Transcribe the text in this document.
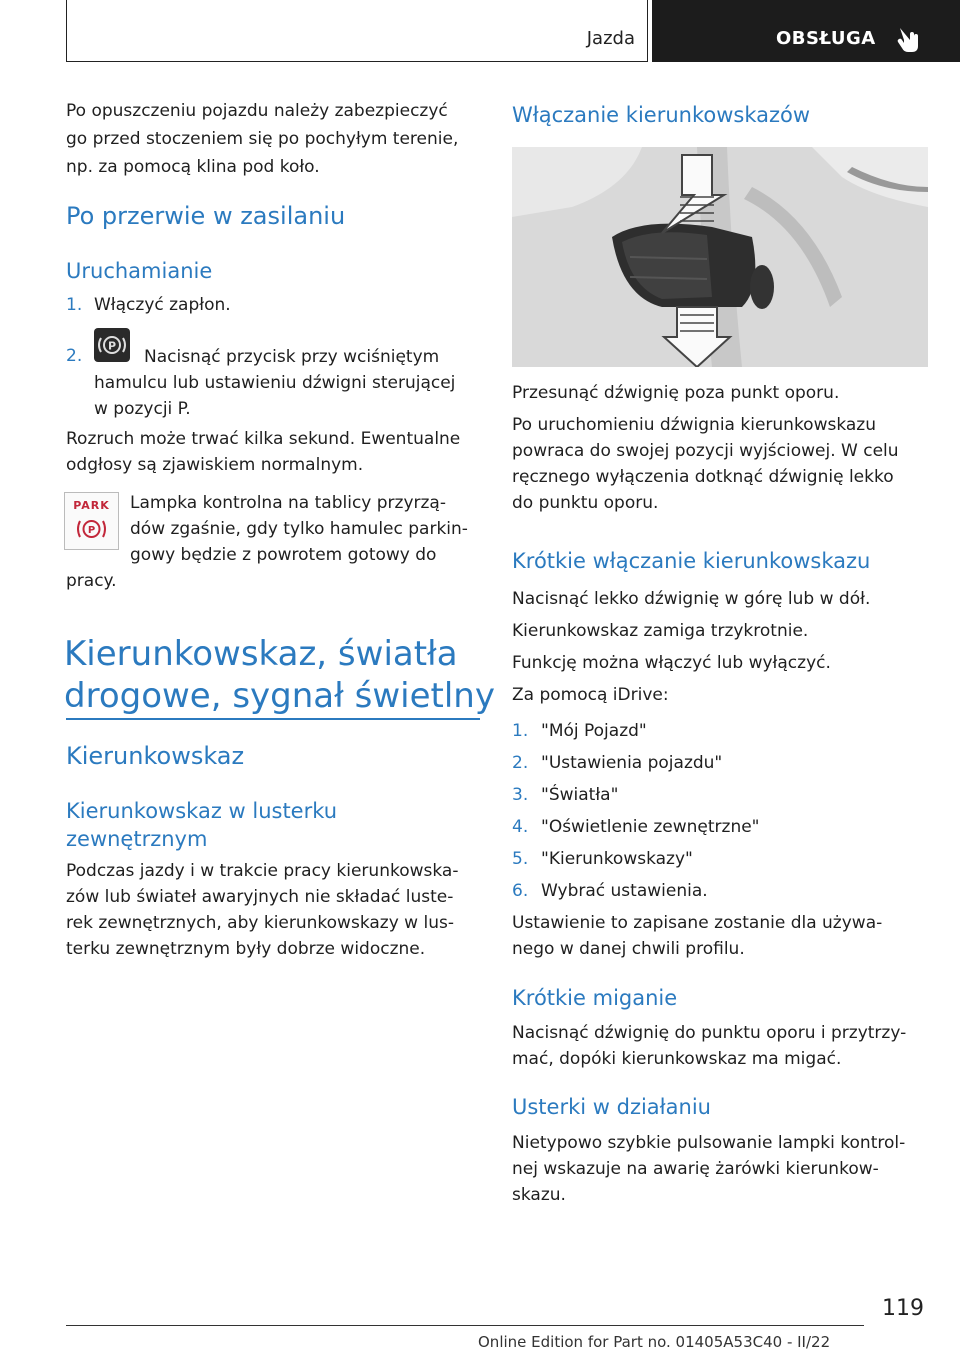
Jazda	OBSŁUGA
Po opuszczeniu pojazdu należy zabezpieczyć
go przed stoczeniem się po pochyłym terenie,
np. za pomocą klina pod koło.
Po przerwie w zasilaniu
Uruchamianie
1. Włączyć zapłon.
2. P
Nacisnąć przycisk przy wciśniętym
hamulcu lub ustawieniu dźwigni sterującej
w pozycji P.
Rozruch może trwać kilka sekund. Ewentualne
odgłosy są zjawiskiem normalnym.
PARK
P
Lampka kontrolna na tablicy przyrzą-
dów zgaśnie, gdy tylko hamulec parkin-
gowy będzie z powrotem gotowy do
pracy.
Kierunkowskaz, światła
drogowe, sygnał świetlny
Kierunkowskaz
Kierunkowskaz w lusterku
zewnętrznym
Podczas jazdy i w trakcie pracy kierunkowska-
zów lub świateł awaryjnych nie składać luste-
rek zewnętrznych, aby kierunkowskazy w lus-
terku zewnętrznym były dobrze widoczne.
Włączanie kierunkowskazów
Przesunąć dźwignię poza punkt oporu.
Po uruchomieniu dźwignia kierunkowskazu
powraca do swojej pozycji wyjściowej. W celu
ręcznego wyłączenia dotknąć dźwignię lekko
do punktu oporu.
Krótkie włączanie kierunkowskazu
Nacisnąć lekko dźwignię w górę lub w dół.
Kierunkowskaz zamiga trzykrotnie.
Funkcję można włączyć lub wyłączyć.
Za pomocą iDrive:
1. "Mój Pojazd"
2. "Ustawienia pojazdu"
3. "Światła"
4. "Oświetlenie zewnętrzne"
5. "Kierunkowskazy"
6. Wybrać ustawienia.
Ustawienie to zapisane zostanie dla używa-
nego w danej chwili profilu.
Krótkie miganie
Nacisnąć dźwignię do punktu oporu i przytrzy-
mać, dopóki kierunkowskaz ma migać.
Usterki w działaniu
Nietypowo szybkie pulsowanie lampki kontrol-
nej wskazuje na awarię żarówki kierunkow-
skazu.
119
Online Edition for Part no. 01405A53C40 - II/22
